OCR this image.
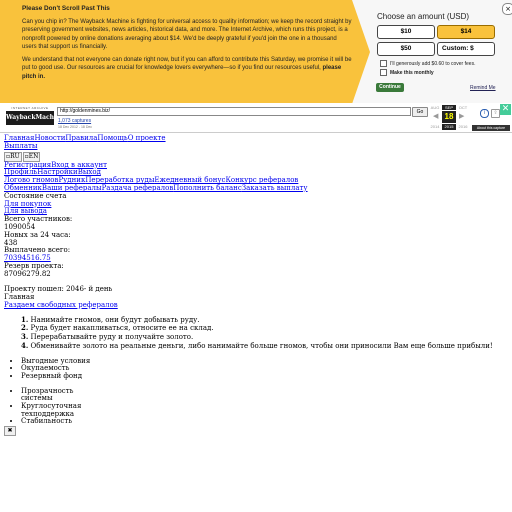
Please Don't Scroll Past This

Can you chip in? The Wayback Machine is fighting for universal access to quality information; we keep the record straight by preserving government websites, news articles, historical data, and more. The Internet Archive, which runs this project, is a nonprofit powered by online donations averaging about $14. We'd be deeply grateful if you'd join the one in a thousand users that support us financially.

We understand that not everyone can donate right now, but if you can afford to contribute this Saturday, we promise it will be put to good use. Our resources are crucial for knowledge lovers everywhere—so if you find our resources useful, please pitch in.

×
Choose an amount (USD)
$10	$14
$50	Custom: $
I'll generously add $0.60 to cover fees.
Make this monthly
Continue	Remind Me
INTERNET ARCHIVE
WaybackMachine
http://goldenmines.biz/	Go
1,073 captures
18 Dec 2012 - 18 Dec
AUG	SEP	OCT
◀ 18 ▶
2014	2015	2016
i	⇪ ✕
About this capture
ГлавнаяНовостиПравилаПомощьО проекте
Выплаты
▫RU ▫EN
РегистрацияВход в аккаунт
ПрофильНастройкиВыход
Логово гномовРудникПереработка рудыЕжедневный бонусКонкурс рефералов
ОбменникВаши рефералыРаздача рефераловПополнить балансЗаказать выплату
Состояние счета
Для покупок
Для вывода
Всего участников:
1090054
Новых за 24 часа:
438
Выплачено всего:
70394516.75
Резерв проекта:
87096279.82
Проекту пошел: 2046- й день
Главная
Раздаем свободных рефералов
1. Нанимайте гномов, они будут добывать руду.
2. Руда будет накапливаться, относите ее на склад.
3. Перерабатывайте руду и получайте золото.
4. Обменивайте золото на реальные деньги, либо нанимайте больше гномов, чтобы они приносили Вам еще больше прибыли!
• Выгодные условия
• Окупаемость
• Резервный фонд
• Прозрачность системы
• Круглосуточная техподдержка
• Стабильность
✖
